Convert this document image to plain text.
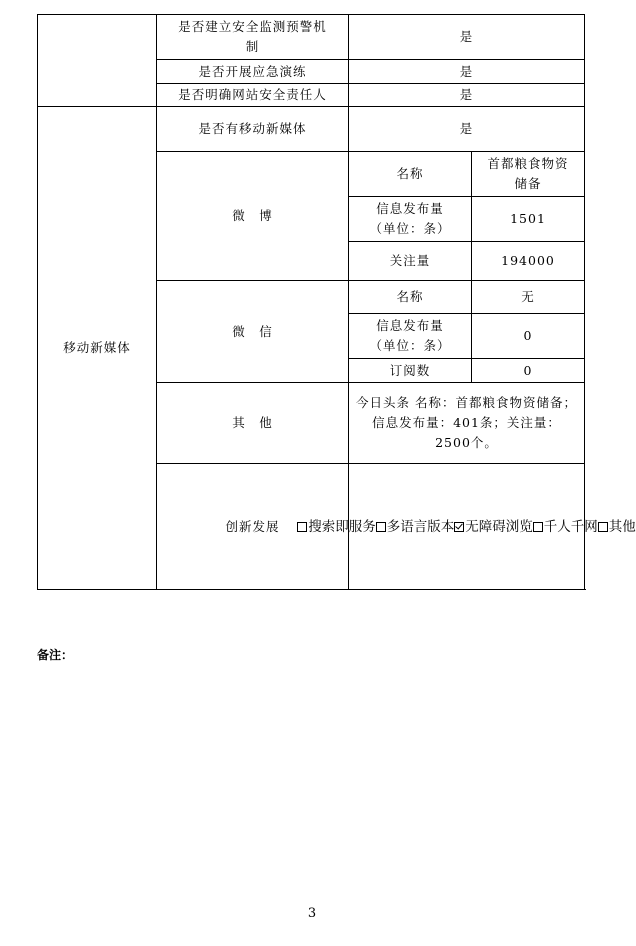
	是否建立安全监测预警机制	是	
	是否开展应急演练	是	
	是否明确网站安全责任人	是	
移动新媒体	是否有移动新媒体	是	
	微　博	名称	首都粮食物资储备
		信息发布量（单位：条）	1501
		关注量	194000
	微　信	名称	无
		信息发布量（单位：条）	0
		订阅数	0
	其　他	今日头条 名称：首都粮食物资储备；信息发布量：401条；关注量：2500个。	
	创新发展	搜索即服务 多语言版本 无障碍浏览 千人千网 其他	
备注：
3
